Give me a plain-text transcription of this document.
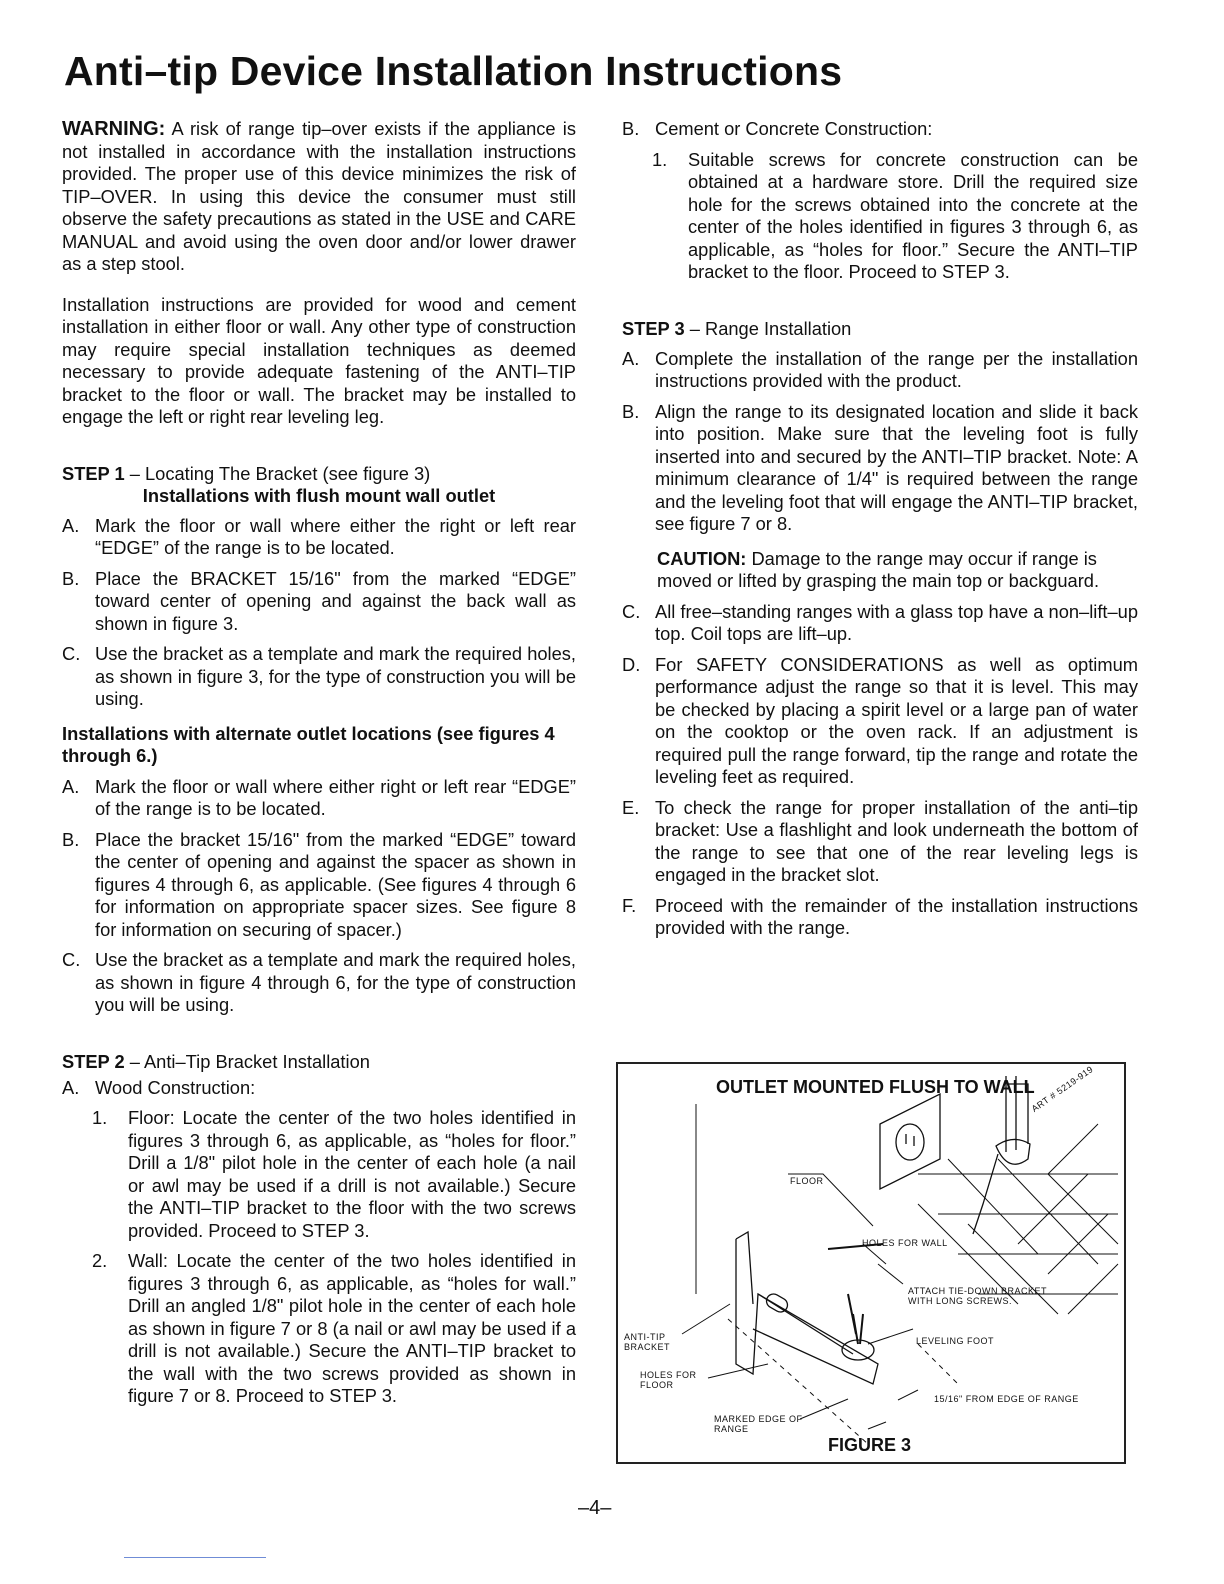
Anti–tip Device Installation Instructions

WARNING: A risk of range tip–over exists if the appliance is not installed in accordance with the installation instructions provided. The proper use of this device minimizes the risk of TIP–OVER. In using this device the consumer must still observe the safety precautions as stated in the USE and CARE MANUAL and avoid using the oven door and/or lower drawer as a step stool.

Installation instructions are provided for wood and cement installation in either floor or wall. Any other type of construction may require special installation techniques as deemed necessary to provide adequate fastening of the ANTI–TIP bracket to the floor or wall. The bracket may be installed to engage the left or right rear leveling leg.

STEP 1 – Locating The Bracket (see figure 3)
Installations with flush mount wall outlet
A. Mark the floor or wall where either the right or left rear “EDGE” of the range is to be located.
B. Place the BRACKET 15/16" from the marked “EDGE” toward center of opening and against the back wall as shown in figure 3.
C. Use the bracket as a template and mark the required holes, as shown in figure 3, for the type of construction you will be using.
Installations with alternate outlet locations (see figures 4 through 6.)
A. Mark the floor or wall where either right or left rear “EDGE” of the range is to be located.
B. Place the bracket 15/16" from the marked “EDGE” toward the center of opening and against the spacer as shown in figures 4 through 6, as applicable. (See figures 4 through 6 for information on appropriate spacer sizes. See figure 8 for information on securing of spacer.)
C. Use the bracket as a template and mark the required holes, as shown in figure 4 through 6, for the type of construction you will be using.
STEP 2 – Anti–Tip Bracket Installation
A. Wood Construction:
1.	Floor: Locate the center of the two holes identified in figures 3 through 6, as applicable, as “holes for floor.” Drill a 1/8" pilot hole in the center of each hole (a nail or awl may be used if a drill is not available.) Secure the ANTI–TIP bracket to the floor with the two screws provided. Proceed to STEP 3.
2.	Wall: Locate the center of the two holes identified in figures 3 through 6, as applicable, as “holes for wall.” Drill an angled 1/8" pilot hole in the center of each hole as shown in figure 7 or 8 (a nail or awl may be used if a drill is not available.) Secure the ANTI–TIP bracket to the wall with the two screws provided as shown in figure 7 or 8. Proceed to STEP 3.
B. Cement or Concrete Construction:
1.	Suitable screws for concrete construction can be obtained at a hardware store. Drill the required size hole for the screws obtained into the concrete at the center of the holes identified in figures 3 through 6, as applicable, as “holes for floor.” Secure the ANTI–TIP bracket to the floor. Proceed to STEP 3.
STEP 3 – Range Installation
A. Complete the installation of the range per the installation instructions provided with the product.
B. Align the range to its designated location and slide it back into position. Make sure that the leveling foot is fully inserted into and secured by the ANTI–TIP bracket. Note: A minimum clearance of 1/4" is required between the range and the leveling foot that will engage the ANTI–TIP bracket, see figure 7 or 8.
CAUTION: Damage to the range may occur if range is moved or lifted by grasping the main top or backguard.
C. All free–standing ranges with a glass top have a non–lift–up top. Coil tops are lift–up.
D. For SAFETY CONSIDERATIONS as well as optimum performance adjust the range so that it is level. This may be checked by placing a spirit level or a large pan of water on the cooktop or the oven rack. If an adjustment is required pull the range forward, tip the range and rotate the leveling feet as required.
E. To check the range for proper installation of the anti–tip bracket: Use a flashlight and look underneath the bottom of the range to see that one of the rear leveling legs is engaged in the bracket slot.
F.	Proceed with the remainder of the installation instructions provided with the range.
OUTLET MOUNTED FLUSH TO WALL
ART # 5219-919
FLOOR
HOLES FOR WALL
ATTACH TIE-DOWN BRACKET WITH LONG SCREWS.
ANTI-TIP BRACKET
LEVELING FOOT
HOLES FOR FLOOR
15/16" FROM EDGE OF RANGE
MARKED EDGE OF RANGE
FIGURE 3
–4–
